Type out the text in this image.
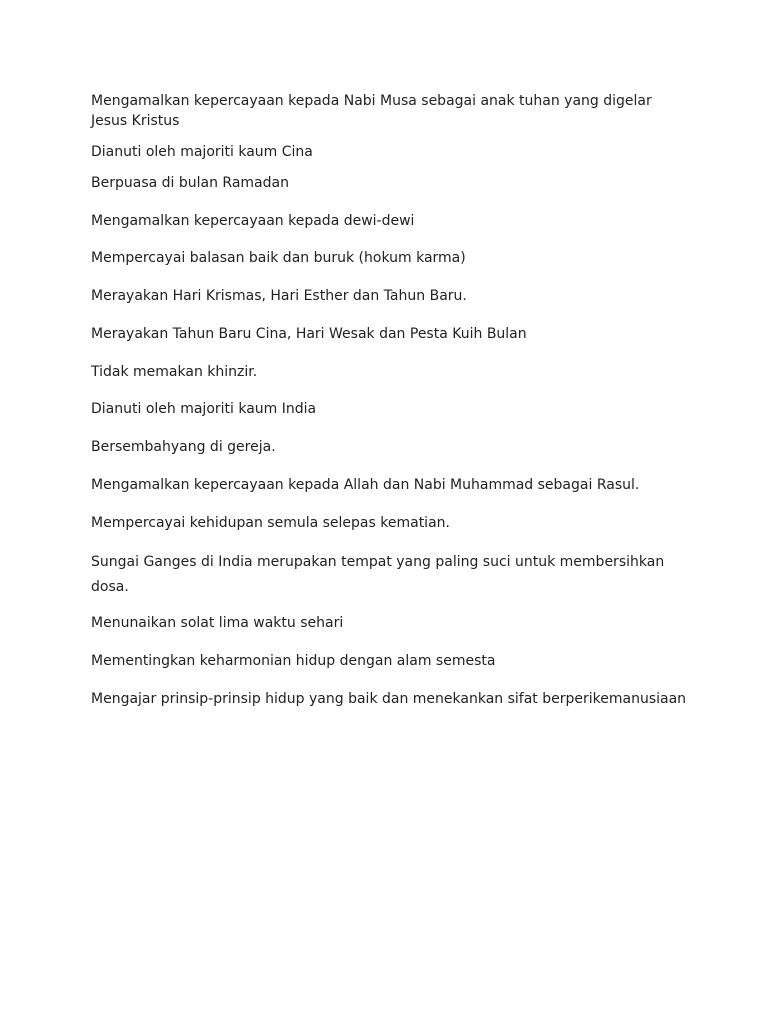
Mengamalkan kepercayaan kepada Nabi Musa sebagai anak tuhan yang digelar Jesus Kristus

Dianuti oleh majoriti kaum Cina

Berpuasa di bulan Ramadan

Mengamalkan kepercayaan kepada dewi-dewi

Mempercayai balasan baik dan buruk (hokum karma)

Merayakan Hari Krismas, Hari Esther dan Tahun Baru.

Merayakan Tahun Baru Cina, Hari Wesak dan Pesta Kuih Bulan

Tidak memakan khinzir.

Dianuti oleh majoriti kaum India

Bersembahyang di gereja.

Mengamalkan kepercayaan kepada Allah dan Nabi Muhammad sebagai Rasul.

Mempercayai kehidupan semula selepas kematian.

Sungai Ganges di India merupakan tempat yang paling suci untuk membersihkan dosa.

Menunaikan solat lima waktu sehari

Mementingkan keharmonian hidup dengan alam semesta

Mengajar prinsip-prinsip hidup yang baik dan menekankan sifat berperikemanusiaan
